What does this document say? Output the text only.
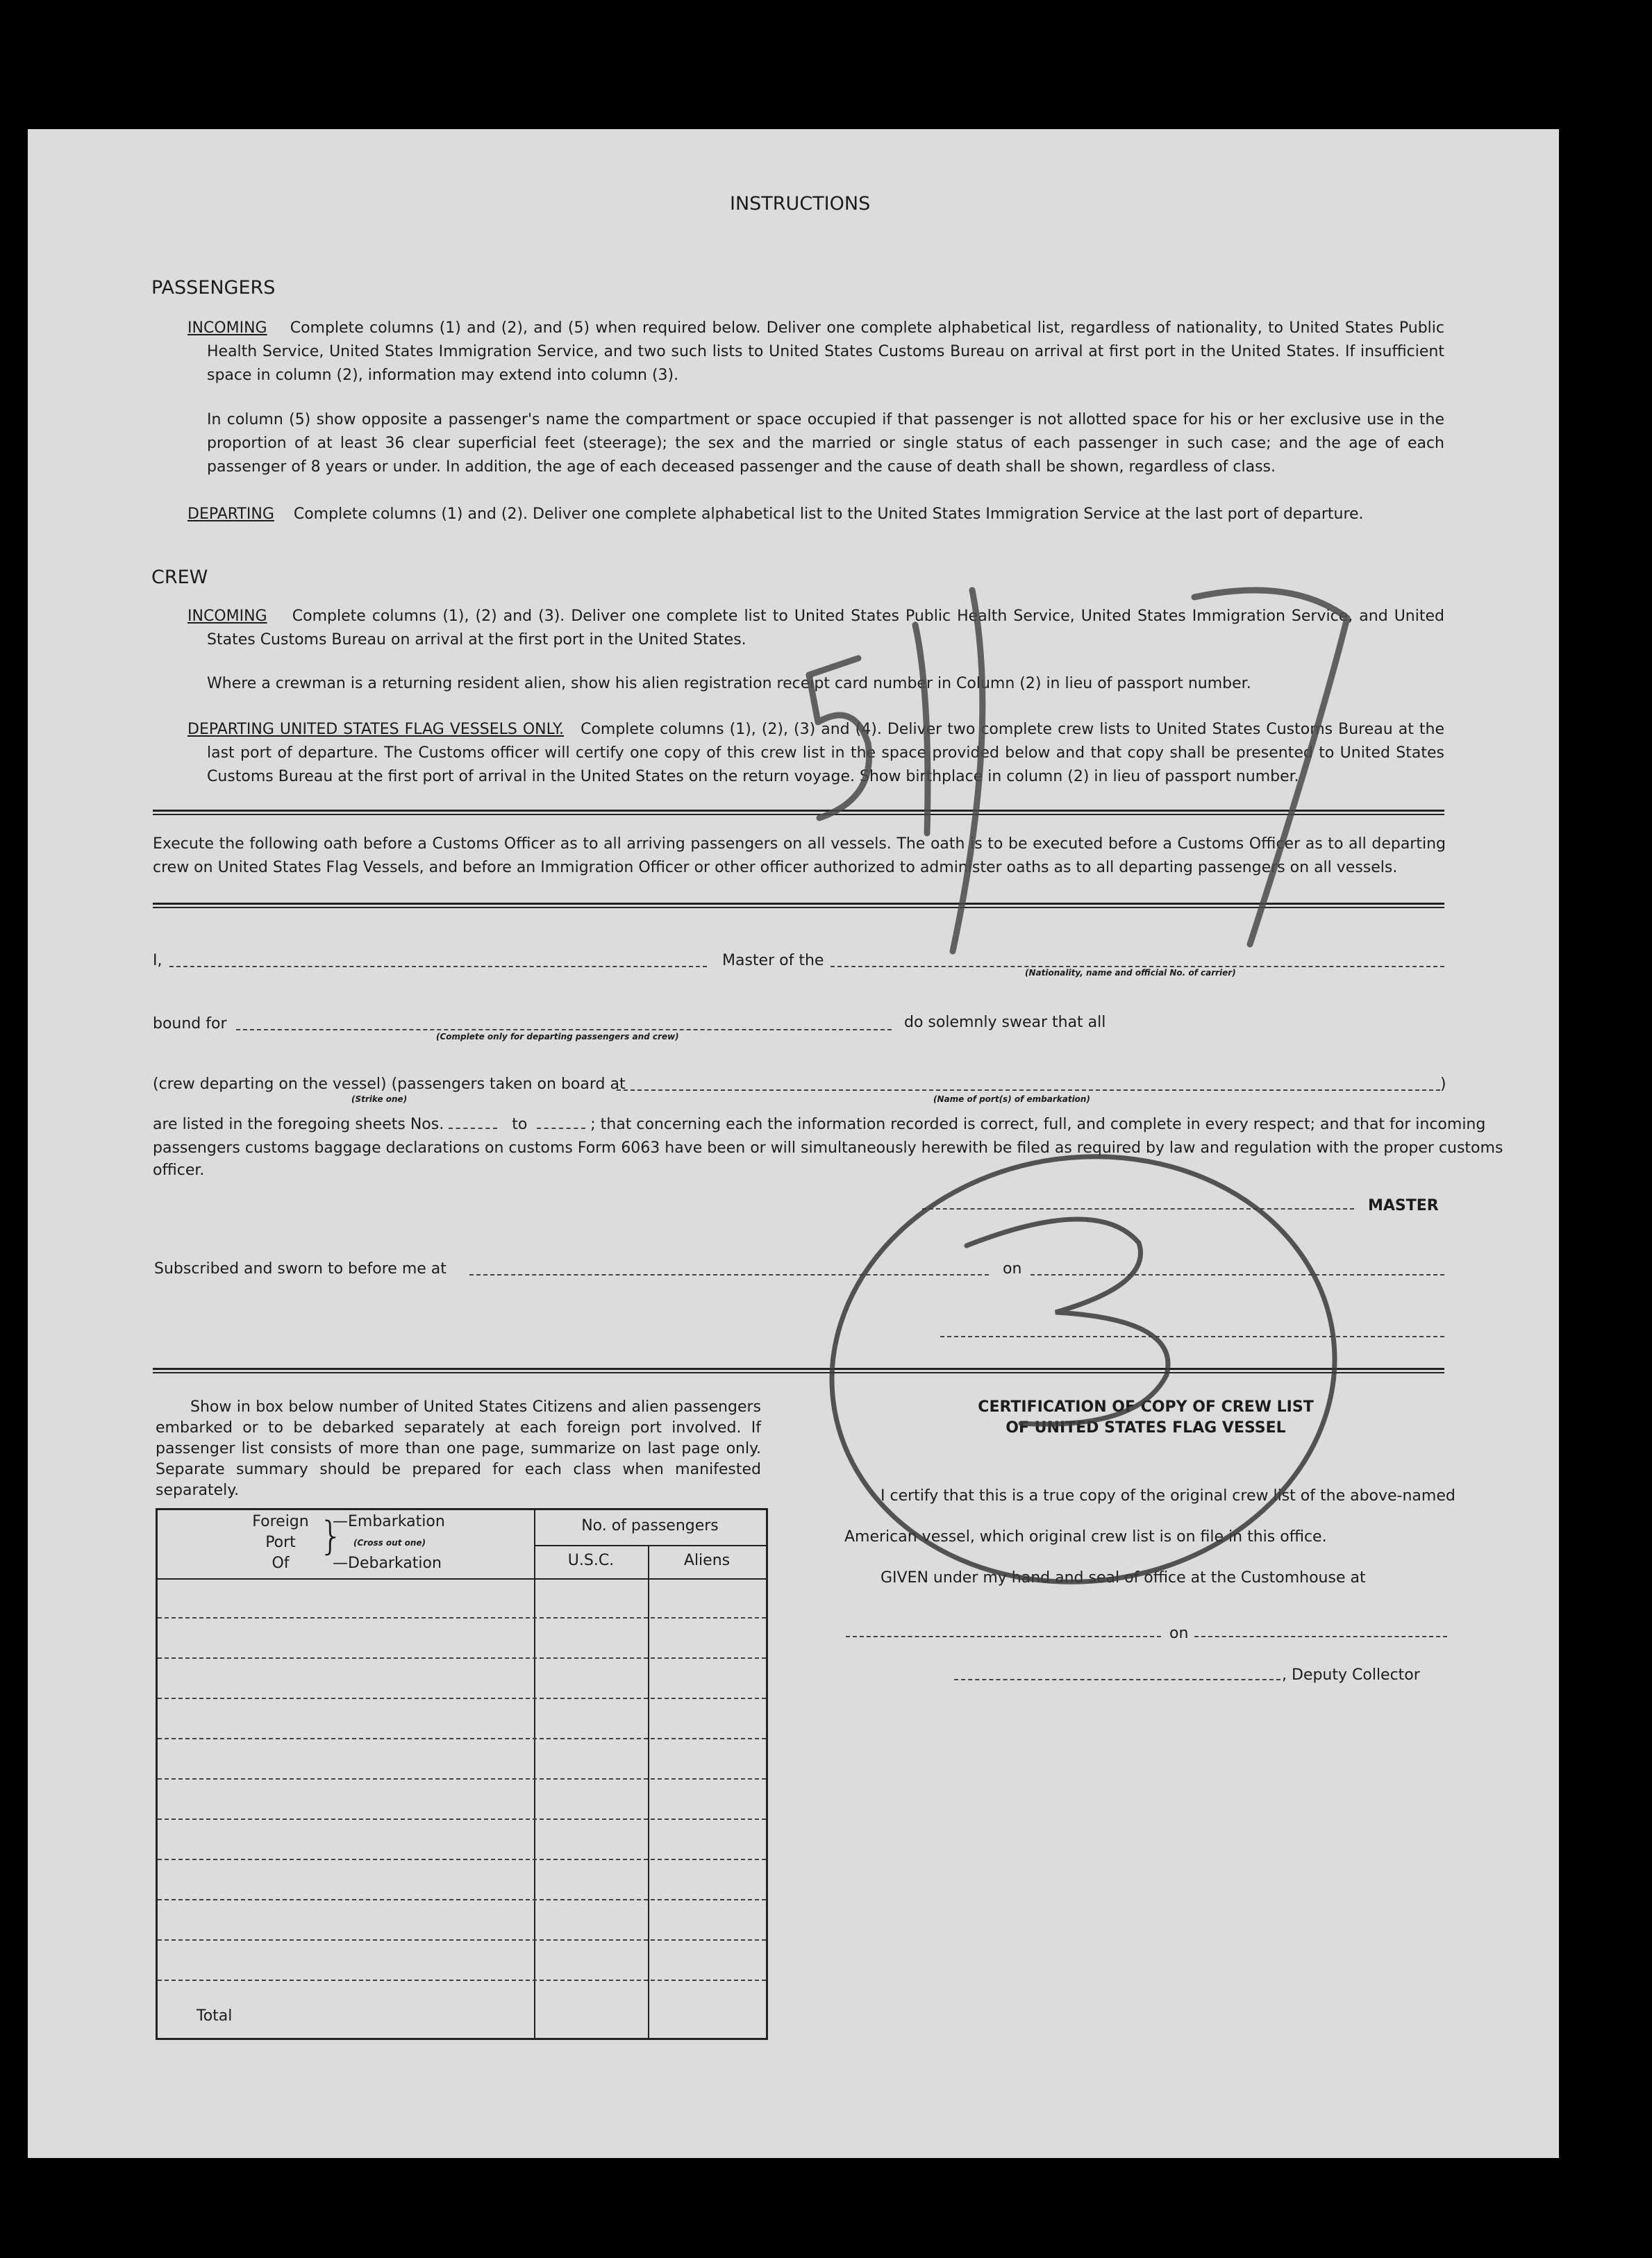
INSTRUCTIONS
PASSENGERS
INCOMING Complete columns (1) and (2), and (5) when required below. Deliver one complete alphabetical list, regardless of nationality, to United States Public Health Service, United States Immigration Service, and two such lists to United States Customs Bureau on arrival at first port in the United States. If insufficient space in column (2), information may extend into column (3).
In column (5) show opposite a passenger's name the compartment or space occupied if that passenger is not allotted space for his or her exclusive use in the proportion of at least 36 clear superficial feet (steerage); the sex and the married or single status of each passenger in such case; and the age of each passenger of 8 years or under. In addition, the age of each deceased passenger and the cause of death shall be shown, regardless of class.
DEPARTING Complete columns (1) and (2). Deliver one complete alphabetical list to the United States Immigration Service at the last port of departure.
CREW
INCOMING Complete columns (1), (2) and (3). Deliver one complete list to United States Public Health Service, United States Immigration Service, and United States Customs Bureau on arrival at the first port in the United States.
Where a crewman is a returning resident alien, show his alien registration receipt card number in Column (2) in lieu of passport number.
DEPARTING UNITED STATES FLAG VESSELS ONLY. Complete columns (1), (2), (3) and (4). Deliver two complete crew lists to United States Customs Bureau at the last port of departure. The Customs officer will certify one copy of this crew list in the space provided below and that copy shall be presented to United States Customs Bureau at the first port of arrival in the United States on the return voyage. Show birthplace in column (2) in lieu of passport number.
Execute the following oath before a Customs Officer as to all arriving passengers on all vessels. The oath is to be executed before a Customs Officer as to all departing crew on United States Flag Vessels, and before an Immigration Officer or other officer authorized to administer oaths as to all departing passengers on all vessels.
I,	Master of the
(Nationality, name and official No. of carrier)
bound for
(Complete only for departing passengers and crew)
do solemnly swear that all
(crew departing on the vessel) (passengers taken on board at	)
(Strike one)	(Name of port(s) of embarkation)
are listed in the foregoing sheets Nos.	to	; that concerning each the information recorded is correct, full, and complete in every respect; and that for incoming
passengers customs baggage declarations on customs Form 6063 have been or will simultaneously herewith be filed as required by law and regulation with the proper customs
officer.
MASTER
Subscribed and sworn to before me at	on
Show in box below number of United States Citizens and alien passengers embarked or to be debarked separately at each foreign port involved. If passenger list consists of more than one page, summarize on last page only. Separate summary should be prepared for each class when manifested separately.
Foreign
Port
Of
}
—Embarkation
(Cross out one)
—Debarkation
No. of passengers
U.S.C.	Aliens
Total
CERTIFICATION OF COPY OF CREW LIST
OF UNITED STATES FLAG VESSEL
I certify that this is a true copy of the original crew list of the above-named
American vessel, which original crew list is on file in this office.
GIVEN under my hand and seal of office at the Customhouse at
on
, Deputy Collector
